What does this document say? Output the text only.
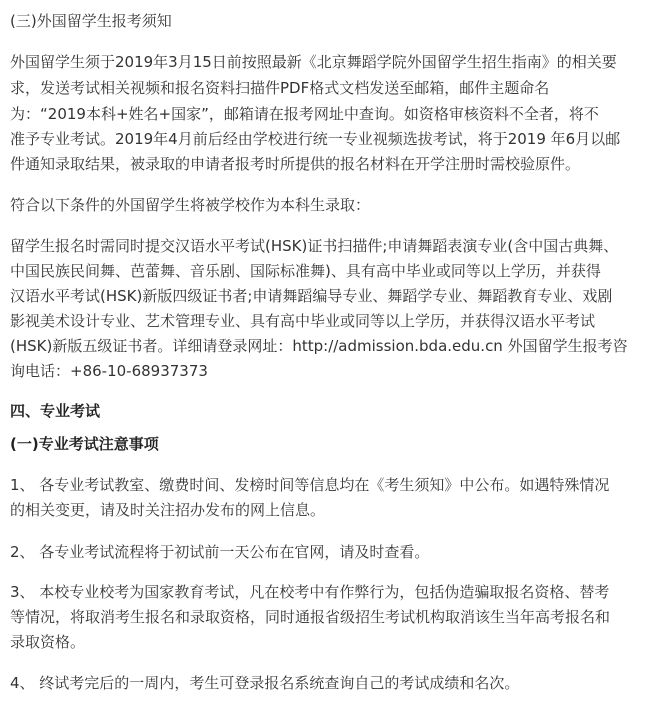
(三)外国留学生报考须知
外国留学生须于2019年3月15日前按照最新《北京舞蹈学院外国留学生招生指南》的相关要
求，发送考试相关视频和报名资料扫描件PDF格式文档发送至邮箱，邮件主题命名
为：“2019本科+姓名+国家”，邮箱请在报考网址中查询。如资格审核资料不全者，将不
准予专业考试。2019年4月前后经由学校进行统一专业视频选拔考试，将于2019 年6月以邮
件通知录取结果，被录取的申请者报考时所提供的报名材料在开学注册时需校验原件。
符合以下条件的外国留学生将被学校作为本科生录取：
留学生报名时需同时提交汉语水平考试(HSK)证书扫描件;申请舞蹈表演专业(含中国古典舞、
中国民族民间舞、芭蕾舞、音乐剧、国际标准舞)、具有高中毕业或同等以上学历，并获得
汉语水平考试(HSK)新版四级证书者;申请舞蹈编导专业、舞蹈学专业、舞蹈教育专业、戏剧
影视美术设计专业、艺术管理专业、具有高中毕业或同等以上学历，并获得汉语水平考试
(HSK)新版五级证书者。详细请登录网址：http://admission.bda.edu.cn 外国留学生报考咨
询电话：+86-10-68937373
四、专业考试
(一)专业考试注意事项
1、 各专业考试教室、缴费时间、发榜时间等信息均在《考生须知》中公布。如遇特殊情况
的相关变更，请及时关注招办发布的网上信息。
2、 各专业考试流程将于初试前一天公布在官网，请及时查看。
3、 本校专业校考为国家教育考试，凡在校考中有作弊行为，包括伪造骗取报名资格、替考
等情况，将取消考生报名和录取资格，同时通报省级招生考试机构取消该生当年高考报名和
录取资格。
4、 终试考完后的一周内，考生可登录报名系统查询自己的考试成绩和名次。
